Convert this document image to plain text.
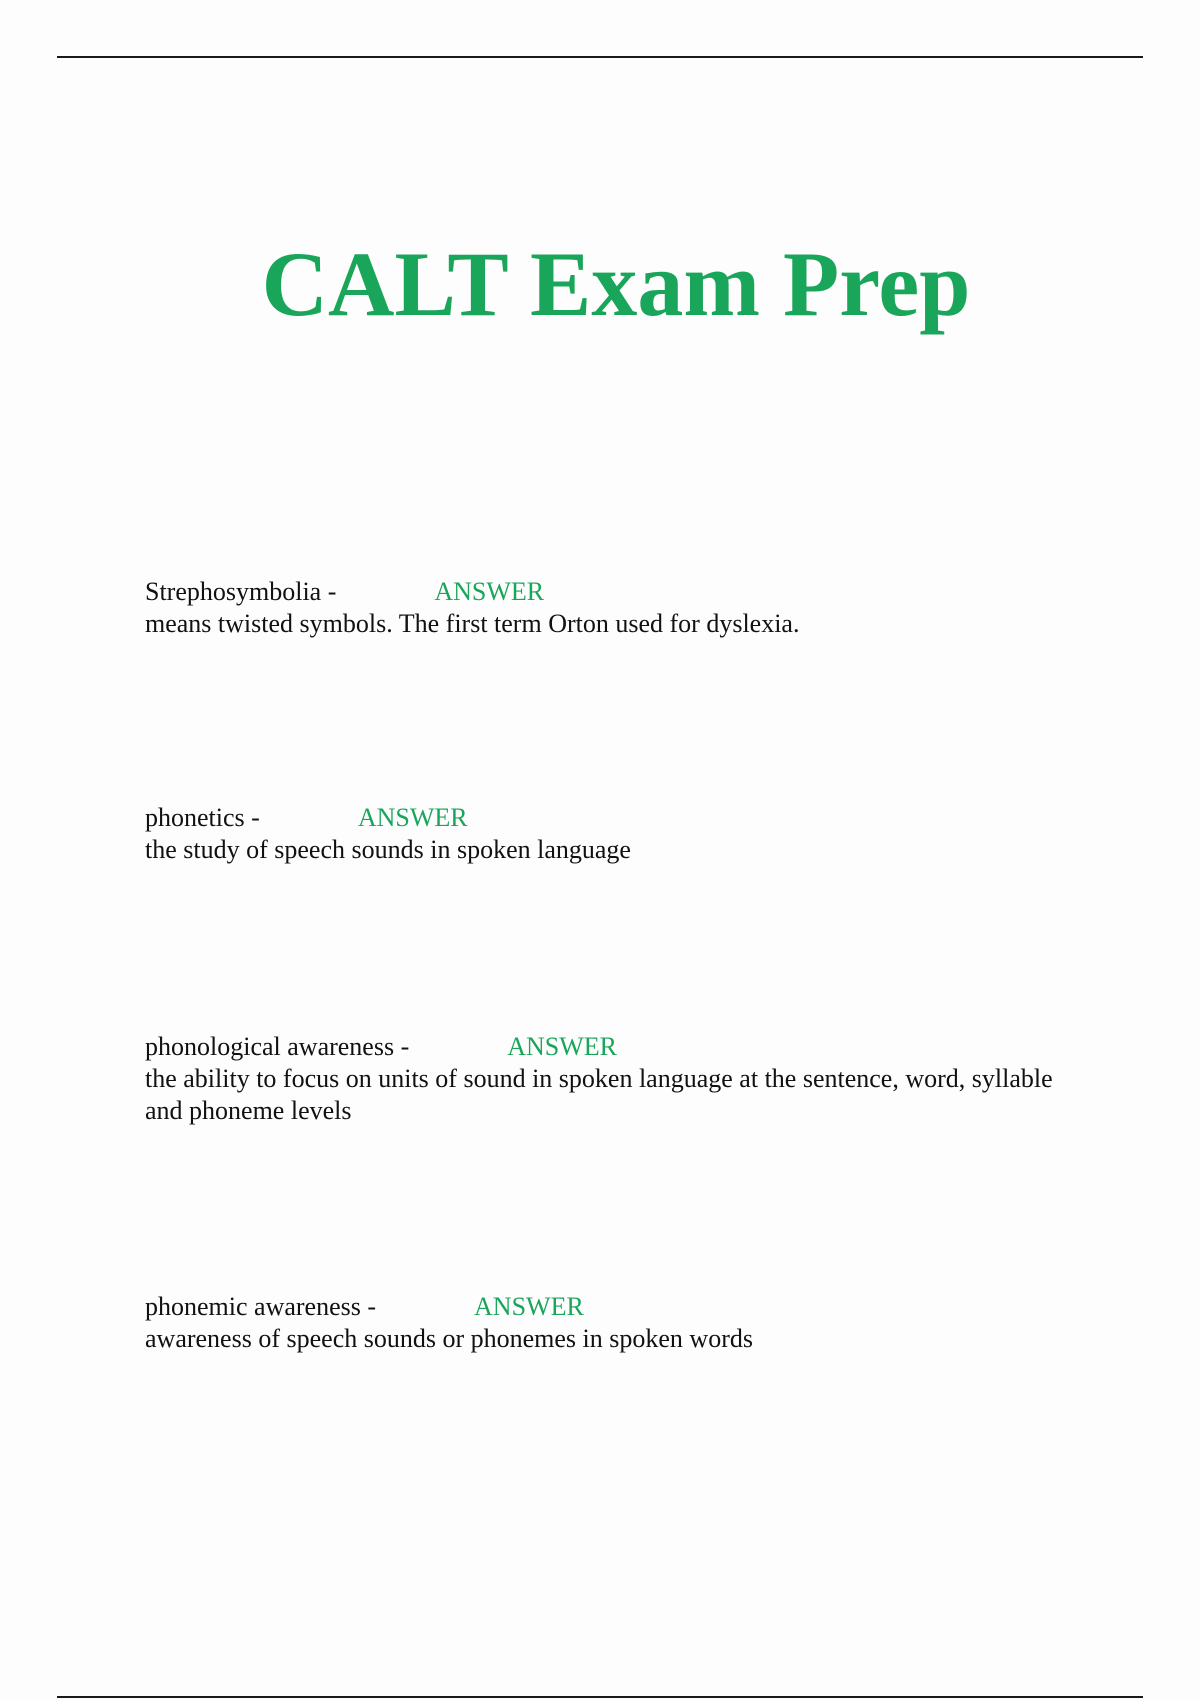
CALT Exam Prep
Strephosymbolia -	ANSWER
means twisted symbols. The first term Orton used for dyslexia.
phonetics -	ANSWER
the study of speech sounds in spoken language
phonological awareness -	ANSWER
the ability to focus on units of sound in spoken language at the sentence, word, syllable and phoneme levels
phonemic awareness -	ANSWER
awareness of speech sounds or phonemes in spoken words
